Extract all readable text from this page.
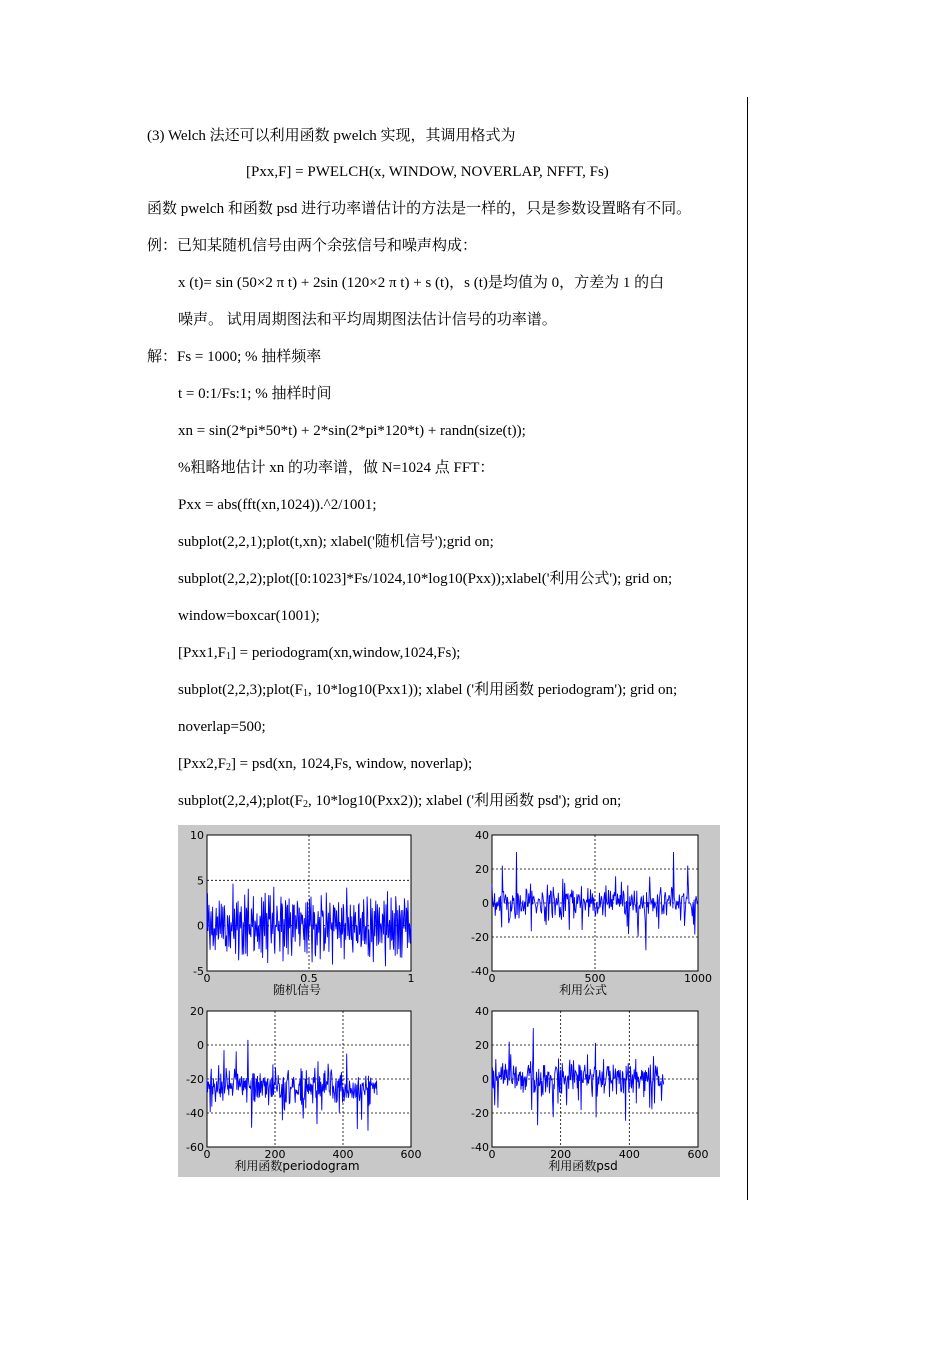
(3) Welch 法还可以利用函数 pwelch 实现，其调用格式为
[Pxx,F] = PWELCH(x, WINDOW, NOVERLAP, NFFT, Fs)
函数 pwelch 和函数 psd 进行功率谱估计的方法是一样的，只是参数设置略有不同。
例：已知某随机信号由两个余弦信号和噪声构成：
x (t)= sin (50×2 π t) + 2sin (120×2 π t) + s (t)，s (t)是均值为 0，方差为 1 的白
噪声。 试用周期图法和平均周期图法估计信号的功率谱。
解：Fs = 1000; % 抽样频率
t = 0:1/Fs:1; % 抽样时间
xn = sin(2*pi*50*t) + 2*sin(2*pi*120*t) + randn(size(t));
%粗略地估计 xn 的功率谱，做 N=1024 点 FFT：
Pxx = abs(fft(xn,1024)).^2/1001;
subplot(2,2,1);plot(t,xn); xlabel('随机信号');grid on;
subplot(2,2,2);plot([0:1023]*Fs/1024,10*log10(Pxx));xlabel('利用公式'); grid on;
window=boxcar(1001);
$[Pxx1,F_1]$ = periodogram(xn,window,1024,Fs);
$subplot(2,2,3);plot(F_1$, 10*log10(Pxx1)); xlabel ('利用函数 periodogram'); grid on;
noverlap=500;
$[Pxx2,F_2] = psd(xn$, 1024,Fs, window, noverlap);
$subplot(2,2,4);plot(F_2$, 10*log10(Pxx2)); xlabel ('利用函数 psd'); grid on;
0	0.5	1
-5
0
5
10
随机信号
0	500	1000
-40
-20
0
20
40
利用公式
0	200	400	600
-60
-40
-20
0
20
利用函数periodogram
0	200	400	600
-40
-20
0
20
40
利用函数psd
